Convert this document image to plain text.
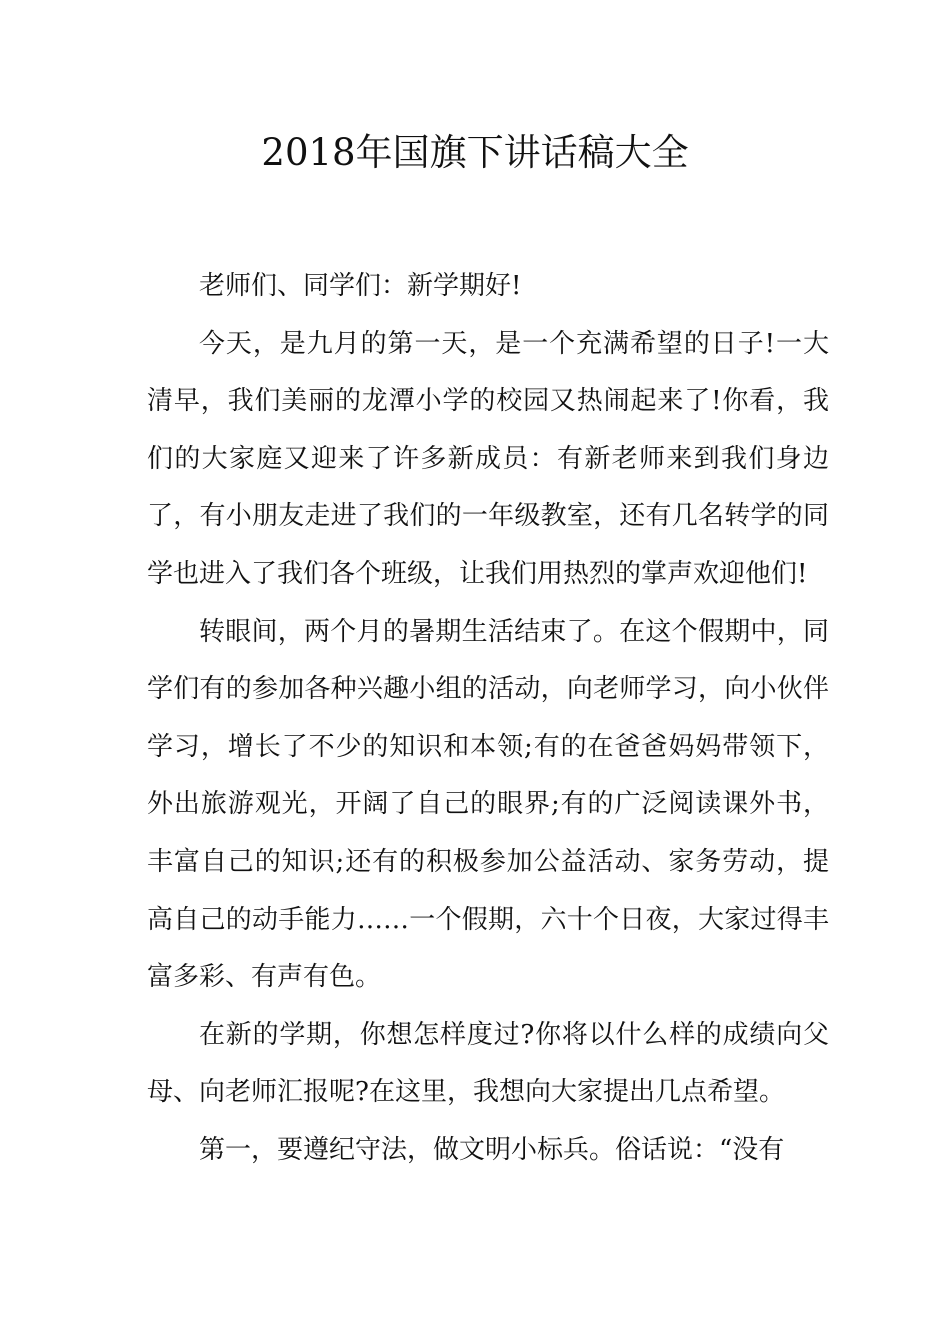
2018年国旗下讲话稿大全

老师们、同学们：新学期好!

今天，是九月的第一天，是一个充满希望的日子!一大清早，我们美丽的龙潭小学的校园又热闹起来了!你看，我们的大家庭又迎来了许多新成员：有新老师来到我们身边了，有小朋友走进了我们的一年级教室，还有几名转学的同学也进入了我们各个班级，让我们用热烈的掌声欢迎他们!

转眼间，两个月的暑期生活结束了。在这个假期中，同学们有的参加各种兴趣小组的活动，向老师学习，向小伙伴学习，增长了不少的知识和本领;有的在爸爸妈妈带领下，外出旅游观光，开阔了自己的眼界;有的广泛阅读课外书，丰富自己的知识;还有的积极参加公益活动、家务劳动，提高自己的动手能力……一个假期，六十个日夜，大家过得丰富多彩、有声有色。

在新的学期，你想怎样度过?你将以什么样的成绩向父母、向老师汇报呢?在这里，我想向大家提出几点希望。

第一，要遵纪守法，做文明小标兵。俗话说：“没有
